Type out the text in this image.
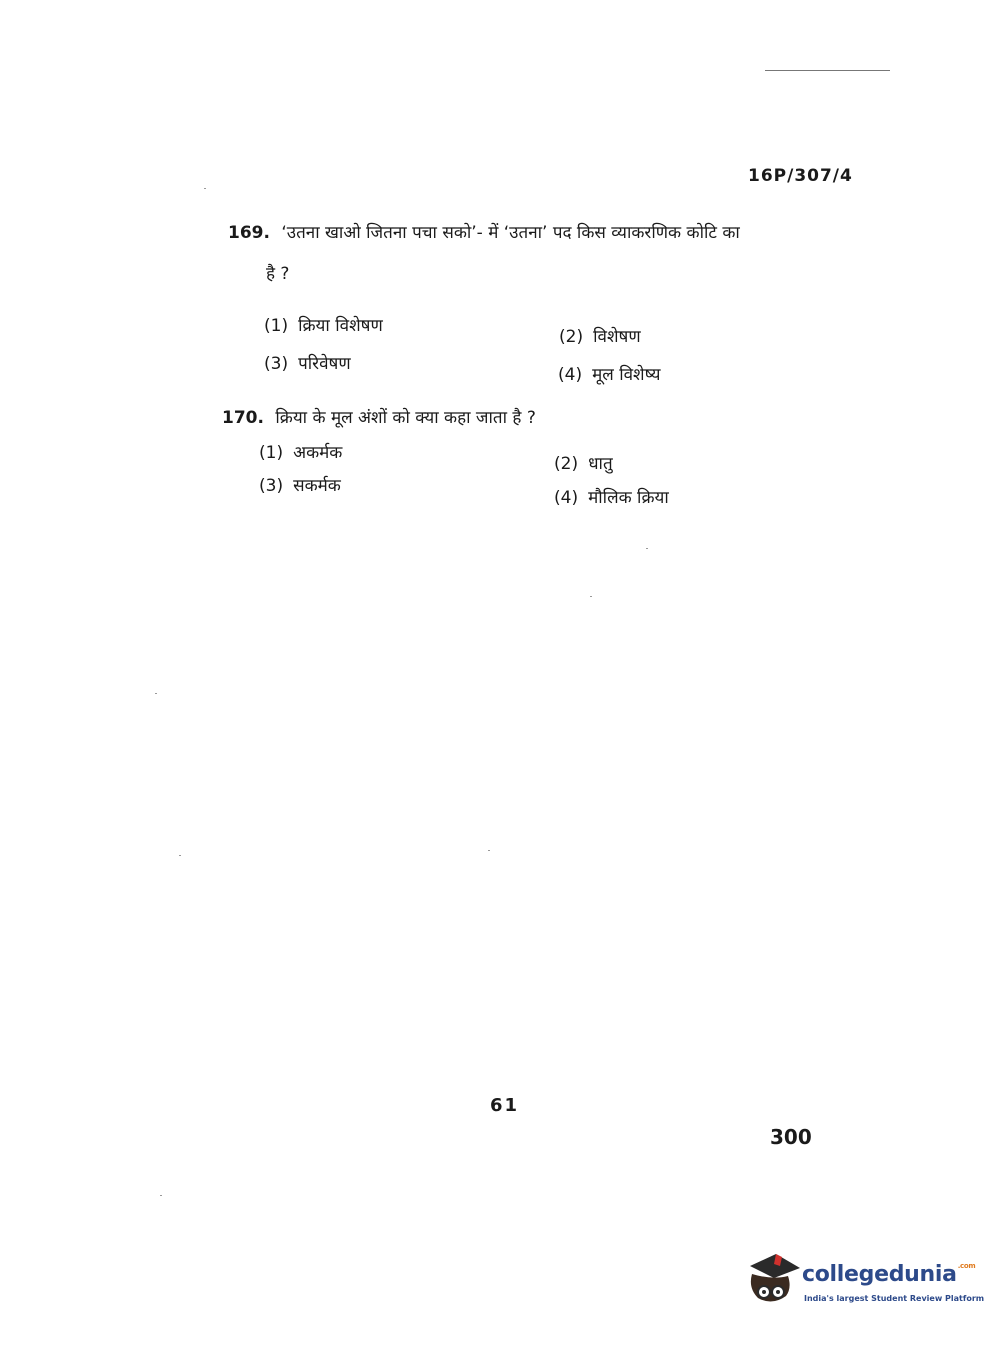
16P/307/4
169. ‘उतना खाओ जितना पचा सको’- में ‘उतना’ पद किस व्याकरणिक कोटि का
है ?
(1) क्रिया विशेषण
(2) विशेषण
(3) परिवेषण
(4) मूल विशेष्य
170. क्रिया के मूल अंशों को क्या कहा जाता है ?
(1) अकर्मक
(2) धातु
(3) सकर्मक
(4) मौलिक क्रिया
61
300
collegedunia$^{.com}$
India's largest Student Review Platform
